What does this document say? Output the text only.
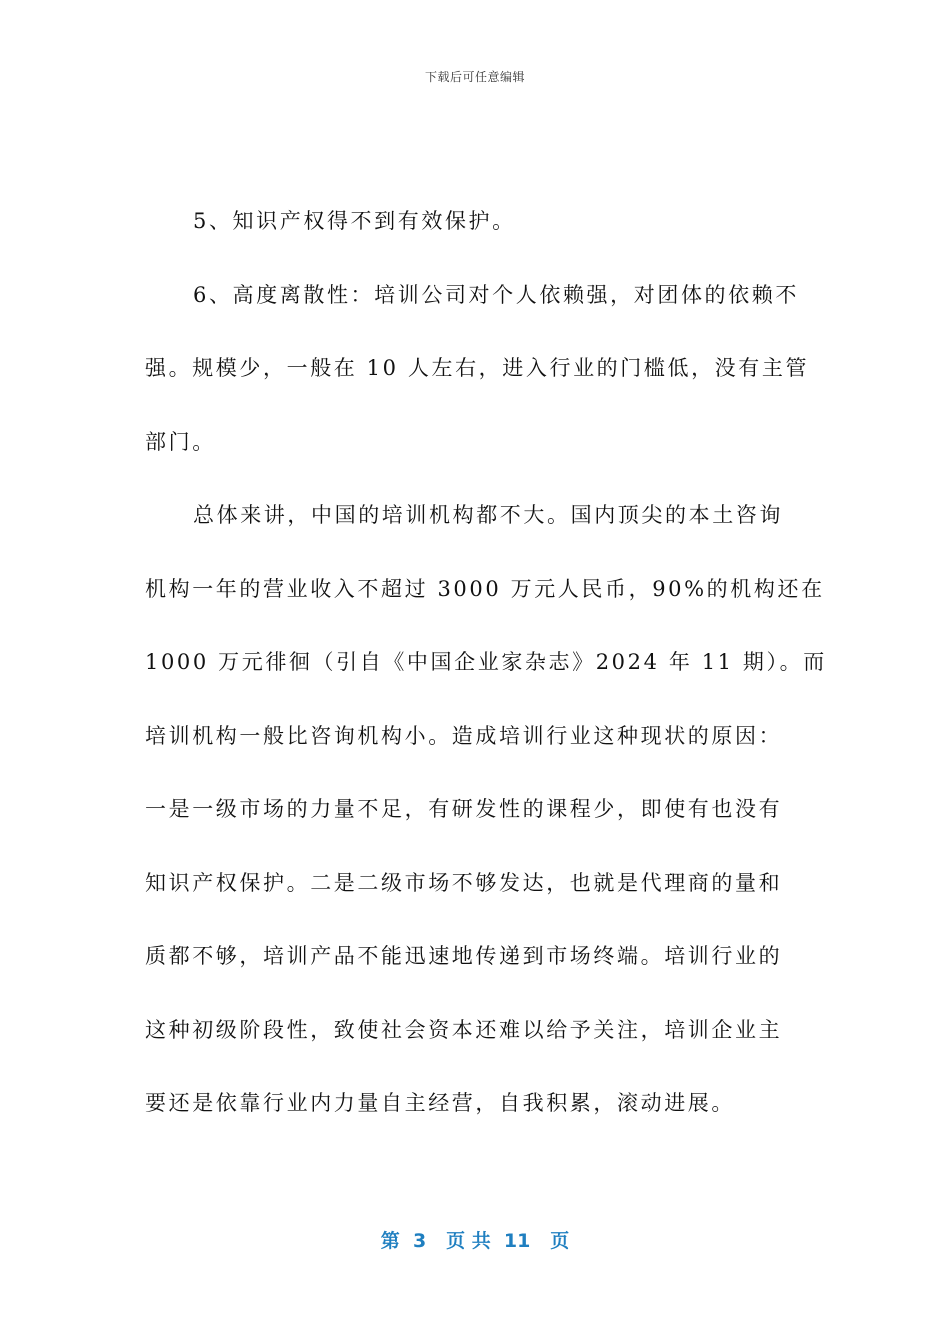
下载后可任意编辑
5、知识产权得不到有效保护。
6、高度离散性：培训公司对个人依赖强，对团体的依赖不
强。规模少，一般在 10 人左右，进入行业的门槛低，没有主管
部门。
总体来讲，中国的培训机构都不大。国内顶尖的本土咨询
机构一年的营业收入不超过 3000 万元人民币，90%的机构还在
1000 万元徘徊（引自《中国企业家杂志》2024 年 11 期）。而
培训机构一般比咨询机构小。造成培训行业这种现状的原因：
一是一级市场的力量不足，有研发性的课程少，即使有也没有
知识产权保护。二是二级市场不够发达，也就是代理商的量和
质都不够，培训产品不能迅速地传递到市场终端。培训行业的
这种初级阶段性，致使社会资本还难以给予关注，培训企业主
要还是依靠行业内力量自主经营，自我积累，滚动进展。
第  3   页 共  11   页
